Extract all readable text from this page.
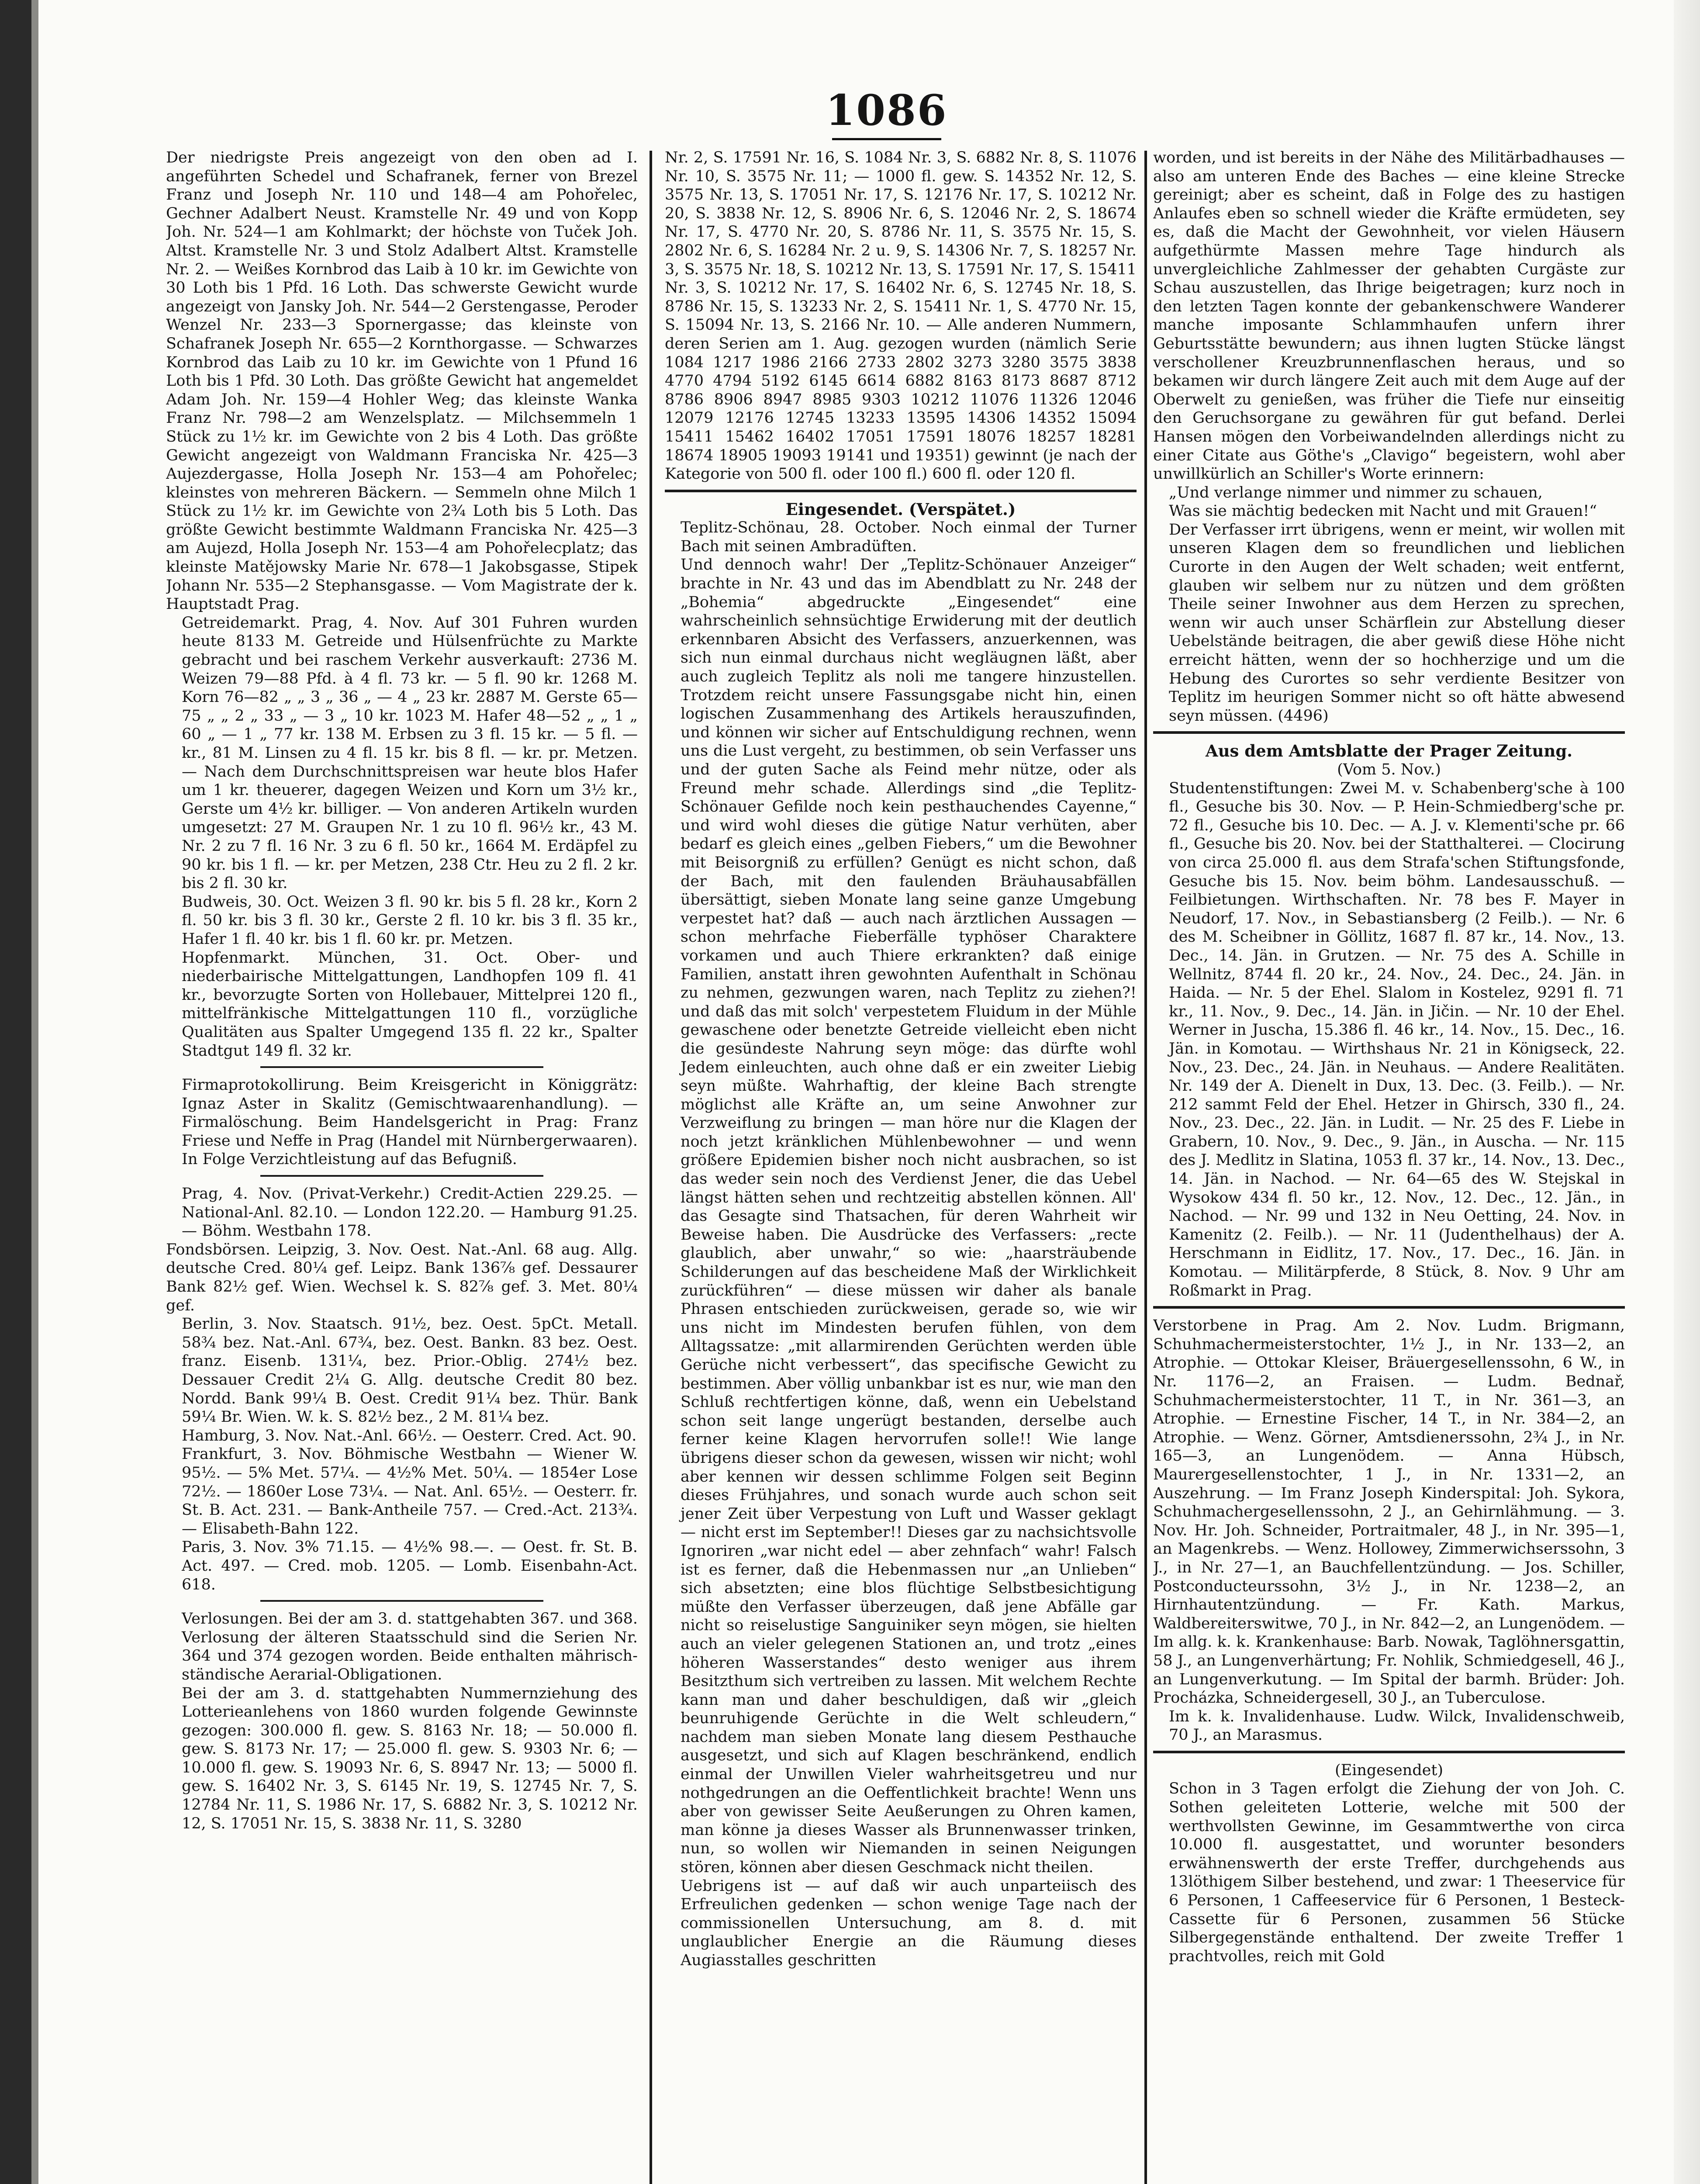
1086

Der niedrigste Preis angezeigt von den oben ad I. angeführten Schedel und Schafranek, ferner von Brezel Franz und Joseph Nr. 110 und 148—4 am Pohořelec, Gechner Adalbert Neust. Kramstelle Nr. 49 und von Kopp Joh. Nr. 524—1 am Kohlmarkt; der höchste von Tuček Joh. Altst. Kramstelle Nr. 3 und Stolz Adalbert Altst. Kramstelle Nr. 2. — Weißes Kornbrod das Laib à 10 kr. im Gewichte von 30 Loth bis 1 Pfd. 16 Loth. Das schwerste Gewicht wurde angezeigt von Jansky Joh. Nr. 544—2 Gerstengasse, Peroder Wenzel Nr. 233—3 Spornergasse; das kleinste von Schafranek Joseph Nr. 655—2 Kornthorgasse. — Schwarzes Kornbrod das Laib zu 10 kr. im Gewichte von 1 Pfund 16 Loth bis 1 Pfd. 30 Loth. Das größte Gewicht hat angemeldet Adam Joh. Nr. 159—4 Hohler Weg; das kleinste Wanka Franz Nr. 798—2 am Wenzelsplatz. — Milchsemmeln 1 Stück zu 1½ kr. im Gewichte von 2 bis 4 Loth. Das größte Gewicht angezeigt von Waldmann Franciska Nr. 425—3 Aujezdergasse, Holla Joseph Nr. 153—4 am Pohořelec; kleinstes von mehreren Bäckern. — Semmeln ohne Milch 1 Stück zu 1½ kr. im Gewichte von 2¾ Loth bis 5 Loth. Das größte Gewicht bestimmte Waldmann Franciska Nr. 425—3 am Aujezd, Holla Joseph Nr. 153—4 am Pohořelecplatz; das kleinste Matějowsky Marie Nr. 678—1 Jakobsgasse, Stipek Johann Nr. 535—2 Stephansgasse. — Vom Magistrate der k. Hauptstadt Prag.

Getreidemarkt. Prag, 4. Nov. Auf 301 Fuhren wurden heute 8133 M. Getreide und Hülsenfrüchte zu Markte gebracht und bei raschem Verkehr ausverkauft: 2736 M. Weizen 79—88 Pfd. à 4 fl. 73 kr. — 5 fl. 90 kr. 1268 M. Korn 76—82 „ „ 3 „ 36 „ — 4 „ 23 kr. 2887 M. Gerste 65—75 „ „ 2 „ 33 „ — 3 „ 10 kr. 1023 M. Hafer 48—52 „ „ 1 „ 60 „ — 1 „ 77 kr. 138 M. Erbsen zu 3 fl. 15 kr. — 5 fl. — kr., 81 M. Linsen zu 4 fl. 15 kr. bis 8 fl. — kr. pr. Metzen. — Nach dem Durchschnittspreisen war heute blos Hafer um 1 kr. theuerer, dagegen Weizen und Korn um 3½ kr., Gerste um 4½ kr. billiger. — Von anderen Artikeln wurden umgesetzt: 27 M. Graupen Nr. 1 zu 10 fl. 96½ kr., 43 M. Nr. 2 zu 7 fl. 16 Nr. 3 zu 6 fl. 50 kr., 1664 M. Erdäpfel zu 90 kr. bis 1 fl. — kr. per Metzen, 238 Ctr. Heu zu 2 fl. 2 kr. bis 2 fl. 30 kr.

Budweis, 30. Oct. Weizen 3 fl. 90 kr. bis 5 fl. 28 kr., Korn 2 fl. 50 kr. bis 3 fl. 30 kr., Gerste 2 fl. 10 kr. bis 3 fl. 35 kr., Hafer 1 fl. 40 kr. bis 1 fl. 60 kr. pr. Metzen.

Hopfenmarkt. München, 31. Oct. Ober- und niederbairische Mittelgattungen, Landhopfen 109 fl. 41 kr., bevorzugte Sorten von Hollebauer, Mittelprei 120 fl., mittelfränkische Mittelgattungen 110 fl., vorzügliche Qualitäten aus Spalter Umgegend 135 fl. 22 kr., Spalter Stadtgut 149 fl. 32 kr.

Firmaprotokollirung. Beim Kreisgericht in Königgrätz: Ignaz Aster in Skalitz (Gemischtwaarenhandlung). — Firmalöschung. Beim Handelsgericht in Prag: Franz Friese und Neffe in Prag (Handel mit Nürnbergerwaaren). In Folge Verzichtleistung auf das Befugniß.

Prag, 4. Nov. (Privat-Verkehr.) Credit-Actien 229.25. — National-Anl. 82.10. — London 122.20. — Hamburg 91.25. — Böhm. Westbahn 178.

Fondsbörsen. Leipzig, 3. Nov. Oest. Nat.-Anl. 68 aug. Allg. deutsche Cred. 80¼ gef. Leipz. Bank 136⅞ gef. Dessaurer Bank 82½ gef. Wien. Wechsel k. S. 82⅞ gef. 3. Met. 80¼ gef.

Berlin, 3. Nov. Staatsch. 91½, bez. Oest. 5pCt. Metall. 58¾ bez. Nat.-Anl. 67¾, bez. Oest. Bankn. 83 bez. Oest. franz. Eisenb. 131¼, bez. Prior.-Oblig. 274½ bez. Dessauer Credit 2¼ G. Allg. deutsche Credit 80 bez. Nordd. Bank 99¼ B. Oest. Credit 91¼ bez. Thür. Bank 59¼ Br. Wien. W. k. S. 82½ bez., 2 M. 81¼ bez.

Hamburg, 3. Nov. Nat.-Anl. 66½. — Oesterr. Cred. Act. 90.

Frankfurt, 3. Nov. Böhmische Westbahn — Wiener W. 95½. — 5% Met. 57¼. — 4½% Met. 50¼. — 1854er Lose 72½. — 1860er Lose 73¼. — Nat. Anl. 65½. — Oesterr. fr. St. B. Act. 231. — Bank-Antheile 757. — Cred.-Act. 213¾. — Elisabeth-Bahn 122.

Paris, 3. Nov. 3% 71.15. — 4½% 98.—. — Oest. fr. St. B. Act. 497. — Cred. mob. 1205. — Lomb. Eisenbahn-Act. 618.

Verlosungen. Bei der am 3. d. stattgehabten 367. und 368. Verlosung der älteren Staatsschuld sind die Serien Nr. 364 und 374 gezogen worden. Beide enthalten mährisch-ständische Aerarial-Obligationen.

Bei der am 3. d. stattgehabten Nummernziehung des Lotterieanlehens von 1860 wurden folgende Gewinnste gezogen: 300.000 fl. gew. S. 8163 Nr. 18; — 50.000 fl. gew. S. 8173 Nr. 17; — 25.000 fl. gew. S. 9303 Nr. 6; — 10.000 fl. gew. S. 19093 Nr. 6, S. 8947 Nr. 13; — 5000 fl. gew. S. 16402 Nr. 3, S. 6145 Nr. 19, S. 12745 Nr. 7, S. 12784 Nr. 11, S. 1986 Nr. 17, S. 6882 Nr. 3, S. 10212 Nr. 12, S. 17051 Nr. 15, S. 3838 Nr. 11, S. 3280

Nr. 2, S. 17591 Nr. 16, S. 1084 Nr. 3, S. 6882 Nr. 8, S. 11076 Nr. 10, S. 3575 Nr. 11; — 1000 fl. gew. S. 14352 Nr. 12, S. 3575 Nr. 13, S. 17051 Nr. 17, S. 12176 Nr. 17, S. 10212 Nr. 20, S. 3838 Nr. 12, S. 8906 Nr. 6, S. 12046 Nr. 2, S. 18674 Nr. 17, S. 4770 Nr. 20, S. 8786 Nr. 11, S. 3575 Nr. 15, S. 2802 Nr. 6, S. 16284 Nr. 2 u. 9, S. 14306 Nr. 7, S. 18257 Nr. 3, S. 3575 Nr. 18, S. 10212 Nr. 13, S. 17591 Nr. 17, S. 15411 Nr. 3, S. 10212 Nr. 17, S. 16402 Nr. 6, S. 12745 Nr. 18, S. 8786 Nr. 15, S. 13233 Nr. 2, S. 15411 Nr. 1, S. 4770 Nr. 15, S. 15094 Nr. 13, S. 2166 Nr. 10. — Alle anderen Nummern, deren Serien am 1. Aug. gezogen wurden (nämlich Serie 1084 1217 1986 2166 2733 2802 3273 3280 3575 3838 4770 4794 5192 6145 6614 6882 8163 8173 8687 8712 8786 8906 8947 8985 9303 10212 11076 11326 12046 12079 12176 12745 13233 13595 14306 14352 15094 15411 15462 16402 17051 17591 18076 18257 18281 18674 18905 19093 19141 und 19351) gewinnt (je nach der Kategorie von 500 fl. oder 100 fl.) 600 fl. oder 120 fl.

Eingesendet. (Verspätet.)

Teplitz-Schönau, 28. October. Noch einmal der Turner Bach mit seinen Ambradüften.

Und dennoch wahr! Der „Teplitz-Schönauer Anzeiger“ brachte in Nr. 43 und das im Abendblatt zu Nr. 248 der „Bohemia“ abgedruckte „Eingesendet“ eine wahrscheinlich sehnsüchtige Erwiderung mit der deutlich erkennbaren Absicht des Verfassers, anzuerkennen, was sich nun einmal durchaus nicht wegläugnen läßt, aber auch zugleich Teplitz als noli me tangere hinzustellen. Trotzdem reicht unsere Fassungsgabe nicht hin, einen logischen Zusammenhang des Artikels herauszufinden, und können wir sicher auf Entschuldigung rechnen, wenn uns die Lust vergeht, zu bestimmen, ob sein Verfasser uns und der guten Sache als Feind mehr nütze, oder als Freund mehr schade. Allerdings sind „die Teplitz-Schönauer Gefilde noch kein pesthauchendes Cayenne,“ und wird wohl dieses die gütige Natur verhüten, aber bedarf es gleich eines „gelben Fiebers,“ um die Bewohner mit Beisorgniß zu erfüllen? Genügt es nicht schon, daß der Bach, mit den faulenden Bräuhausabfällen übersättigt, sieben Monate lang seine ganze Umgebung verpestet hat? daß — auch nach ärztlichen Aussagen — schon mehrfache Fieberfälle typhöser Charaktere vorkamen und auch Thiere erkrankten? daß einige Familien, anstatt ihren gewohnten Aufenthalt in Schönau zu nehmen, gezwungen waren, nach Teplitz zu ziehen?! und daß das mit solch' verpestetem Fluidum in der Mühle gewaschene oder benetzte Getreide vielleicht eben nicht die gesündeste Nahrung seyn möge: das dürfte wohl Jedem einleuchten, auch ohne daß er ein zweiter Liebig seyn müßte. Wahrhaftig, der kleine Bach strengte möglichst alle Kräfte an, um seine Anwohner zur Verzweiflung zu bringen — man höre nur die Klagen der noch jetzt kränklichen Mühlenbewohner — und wenn größere Epidemien bisher noch nicht ausbrachen, so ist das weder sein noch des Verdienst Jener, die das Uebel längst hätten sehen und rechtzeitig abstellen können. All' das Gesagte sind Thatsachen, für deren Wahrheit wir Beweise haben. Die Ausdrücke des Verfassers: „recte glaublich, aber unwahr,“ so wie: „haarsträubende Schilderungen auf das bescheidene Maß der Wirklichkeit zurückführen“ — diese müssen wir daher als banale Phrasen entschieden zurückweisen, gerade so, wie wir uns nicht im Mindesten berufen fühlen, von dem Alltagssatze: „mit allarmirenden Gerüchten werden üble Gerüche nicht verbessert“, das specifische Gewicht zu bestimmen. Aber völlig unbankbar ist es nur, wie man den Schluß rechtfertigen könne, daß, wenn ein Uebelstand schon seit lange ungerügt bestanden, derselbe auch ferner keine Klagen hervorrufen solle!! Wie lange übrigens dieser schon da gewesen, wissen wir nicht; wohl aber kennen wir dessen schlimme Folgen seit Beginn dieses Frühjahres, und sonach wurde auch schon seit jener Zeit über Verpestung von Luft und Wasser geklagt — nicht erst im September!! Dieses gar zu nachsichtsvolle Ignoriren „war nicht edel — aber zehnfach“ wahr! Falsch ist es ferner, daß die Hebenmassen nur „an Unlieben“ sich absetzten; eine blos flüchtige Selbstbesichtigung müßte den Verfasser überzeugen, daß jene Abfälle gar nicht so reiselustige Sanguiniker seyn mögen, sie hielten auch an vieler gelegenen Stationen an, und trotz „eines höheren Wasserstandes“ desto weniger aus ihrem Besitzthum sich vertreiben zu lassen. Mit welchem Rechte kann man und daher beschuldigen, daß wir „gleich beunruhigende Gerüchte in die Welt schleudern,“ nachdem man sieben Monate lang diesem Pesthauche ausgesetzt, und sich auf Klagen beschränkend, endlich einmal der Unwillen Vieler wahrheitsgetreu und nur nothgedrungen an die Oeffentlichkeit brachte! Wenn uns aber von gewisser Seite Aeußerungen zu Ohren kamen, man könne ja dieses Wasser als Brunnenwasser trinken, nun, so wollen wir Niemanden in seinen Neigungen stören, können aber diesen Geschmack nicht theilen.

Uebrigens ist — auf daß wir auch unparteiisch des Erfreulichen gedenken — schon wenige Tage nach der commissionellen Untersuchung, am 8. d. mit unglaublicher Energie an die Räumung dieses Augiasstalles geschritten

worden, und ist bereits in der Nähe des Militärbadhauses — also am unteren Ende des Baches — eine kleine Strecke gereinigt; aber es scheint, daß in Folge des zu hastigen Anlaufes eben so schnell wieder die Kräfte ermüdeten, sey es, daß die Macht der Gewohnheit, vor vielen Häusern aufgethürmte Massen mehre Tage hindurch als unvergleichliche Zahlmesser der gehabten Curgäste zur Schau auszustellen, das Ihrige beigetragen; kurz noch in den letzten Tagen konnte der gebankenschwere Wanderer manche imposante Schlammhaufen unfern ihrer Geburtsstätte bewundern; aus ihnen lugten Stücke längst verschollener Kreuzbrunnenflaschen heraus, und so bekamen wir durch längere Zeit auch mit dem Auge auf der Oberwelt zu genießen, was früher die Tiefe nur einseitig den Geruchsorgane zu gewähren für gut befand. Derlei Hansen mögen den Vorbeiwandelnden allerdings nicht zu einer Citate aus Göthe's „Clavigo“ begeistern, wohl aber unwillkürlich an Schiller's Worte erinnern:

„Und verlange nimmer und nimmer zu schauen,

Was sie mächtig bedecken mit Nacht und mit Grauen!“

Der Verfasser irrt übrigens, wenn er meint, wir wollen mit unseren Klagen dem so freundlichen und lieblichen Curorte in den Augen der Welt schaden; weit entfernt, glauben wir selbem nur zu nützen und dem größten Theile seiner Inwohner aus dem Herzen zu sprechen, wenn wir auch unser Schärflein zur Abstellung dieser Uebelstände beitragen, die aber gewiß diese Höhe nicht erreicht hätten, wenn der so hochherzige und um die Hebung des Curortes so sehr verdiente Besitzer von Teplitz im heurigen Sommer nicht so oft hätte abwesend seyn müssen. (4496)

Aus dem Amtsblatte der Prager Zeitung.
(Vom 5. Nov.)

Studentenstiftungen: Zwei M. v. Schabenberg'sche à 100 fl., Gesuche bis 30. Nov. — P. Hein-Schmiedberg'sche pr. 72 fl., Gesuche bis 10. Dec. — A. J. v. Klementi'sche pr. 66 fl., Gesuche bis 20. Nov. bei der Statthalterei. — Clocirung von circa 25.000 fl. aus dem Strafa'schen Stiftungsfonde, Gesuche bis 15. Nov. beim böhm. Landesausschuß. — Feilbietungen. Wirthschaften. Nr. 78 bes F. Mayer in Neudorf, 17. Nov., in Sebastiansberg (2 Feilb.). — Nr. 6 des M. Scheibner in Göllitz, 1687 fl. 87 kr., 14. Nov., 13. Dec., 14. Jän. in Grutzen. — Nr. 75 des A. Schille in Wellnitz, 8744 fl. 20 kr., 24. Nov., 24. Dec., 24. Jän. in Haida. — Nr. 5 der Ehel. Slalom in Kostelez, 9291 fl. 71 kr., 11. Nov., 9. Dec., 14. Jän. in Jičin. — Nr. 10 der Ehel. Werner in Juscha, 15.386 fl. 46 kr., 14. Nov., 15. Dec., 16. Jän. in Komotau. — Wirthshaus Nr. 21 in Königseck, 22. Nov., 23. Dec., 24. Jän. in Neuhaus. — Andere Realitäten. Nr. 149 der A. Dienelt in Dux, 13. Dec. (3. Feilb.). — Nr. 212 sammt Feld der Ehel. Hetzer in Ghirsch, 330 fl., 24. Nov., 23. Dec., 22. Jän. in Ludit. — Nr. 25 des F. Liebe in Grabern, 10. Nov., 9. Dec., 9. Jän., in Auscha. — Nr. 115 des J. Medlitz in Slatina, 1053 fl. 37 kr., 14. Nov., 13. Dec., 14. Jän. in Nachod. — Nr. 64—65 des W. Stejskal in Wysokow 434 fl. 50 kr., 12. Nov., 12. Dec., 12. Jän., in Nachod. — Nr. 99 und 132 in Neu Oetting, 24. Nov. in Kamenitz (2. Feilb.). — Nr. 11 (Judenthelhaus) der A. Herschmann in Eidlitz, 17. Nov., 17. Dec., 16. Jän. in Komotau. — Militärpferde, 8 Stück, 8. Nov. 9 Uhr am Roßmarkt in Prag.

Verstorbene in Prag. Am 2. Nov. Ludm. Brigmann, Schuhmachermeisterstochter, 1½ J., in Nr. 133—2, an Atrophie. — Ottokar Kleiser, Bräuergesellenssohn, 6 W., in Nr. 1176—2, an Fraisen. — Ludm. Bednař, Schuhmachermeisterstochter, 11 T., in Nr. 361—3, an Atrophie. — Ernestine Fischer, 14 T., in Nr. 384—2, an Atrophie. — Wenz. Görner, Amtsdienerssohn, 2¾ J., in Nr. 165—3, an Lungenödem. — Anna Hübsch, Maurergesellenstochter, 1 J., in Nr. 1331—2, an Auszehrung. — Im Franz Joseph Kinderspital: Joh. Sykora, Schuhmachergesellenssohn, 2 J., an Gehirnlähmung. — 3. Nov. Hr. Joh. Schneider, Portraitmaler, 48 J., in Nr. 395—1, an Magenkrebs. — Wenz. Hollowey, Zimmerwichserssohn, 3 J., in Nr. 27—1, an Bauchfellentzündung. — Jos. Schiller, Postconducteurssohn, 3½ J., in Nr. 1238—2, an Hirnhautentzündung. — Fr. Kath. Markus, Waldbereiterswitwe, 70 J., in Nr. 842—2, an Lungenödem. — Im allg. k. k. Krankenhause: Barb. Nowak, Taglöhnersgattin, 58 J., an Lungenverhärtung; Fr. Nohlik, Schmiedgesell, 46 J., an Lungenverkutung. — Im Spital der barmh. Brüder: Joh. Procházka, Schneidergesell, 30 J., an Tuberculose.

Im k. k. Invalidenhause. Ludw. Wilck, Invalidenschweib, 70 J., an Marasmus.

(Eingesendet)

Schon in 3 Tagen erfolgt die Ziehung der von Joh. C. Sothen geleiteten Lotterie, welche mit 500 der werthvollsten Gewinne, im Gesammtwerthe von circa 10.000 fl. ausgestattet, und worunter besonders erwähnenswerth der erste Treffer, durchgehends aus 13löthigem Silber bestehend, und zwar: 1 Theeservice für 6 Personen, 1 Caffeeservice für 6 Personen, 1 Besteck-Cassette für 6 Personen, zusammen 56 Stücke Silbergegenstände enthaltend. Der zweite Treffer 1 prachtvolles, reich mit Gold
